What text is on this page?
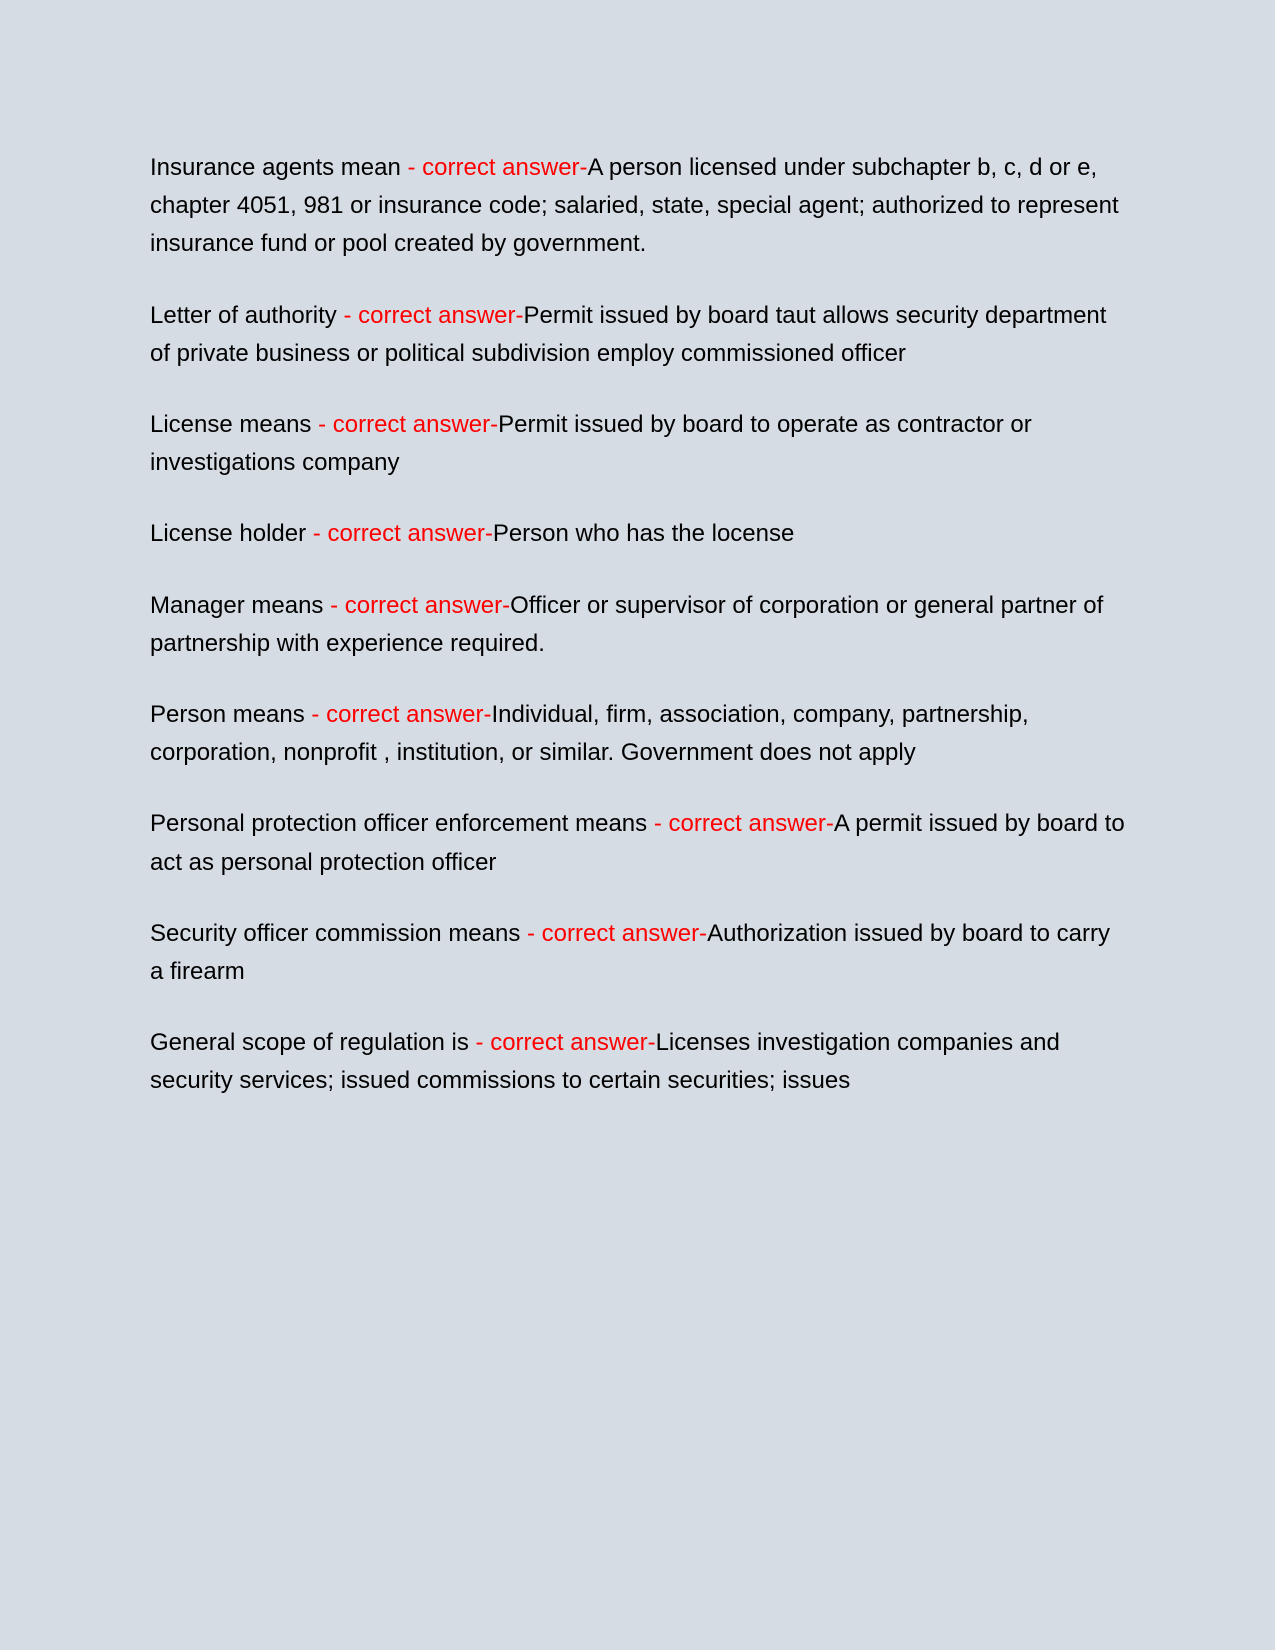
Insurance agents mean - correct answer-A person licensed under subchapter b, c, d or e, chapter 4051, 981 or insurance code; salaried, state, special agent; authorized to represent insurance fund or pool created by government.

Letter of authority - correct answer-Permit issued by board taut allows security department of private business or political subdivision employ commissioned officer

License means - correct answer-Permit issued by board to operate as contractor or investigations company

License holder - correct answer-Person who has the locense

Manager means - correct answer-Officer or supervisor of corporation or general partner of partnership with experience required.

Person means - correct answer-Individual, firm, association, company, partnership, corporation, nonprofit , institution, or similar. Government does not apply

Personal protection officer enforcement means - correct answer-A permit issued by board to act as personal protection officer

Security officer commission means - correct answer-Authorization issued by board to carry a firearm

General scope of regulation is - correct answer-Licenses investigation companies and security services; issued commissions to certain securities; issues
